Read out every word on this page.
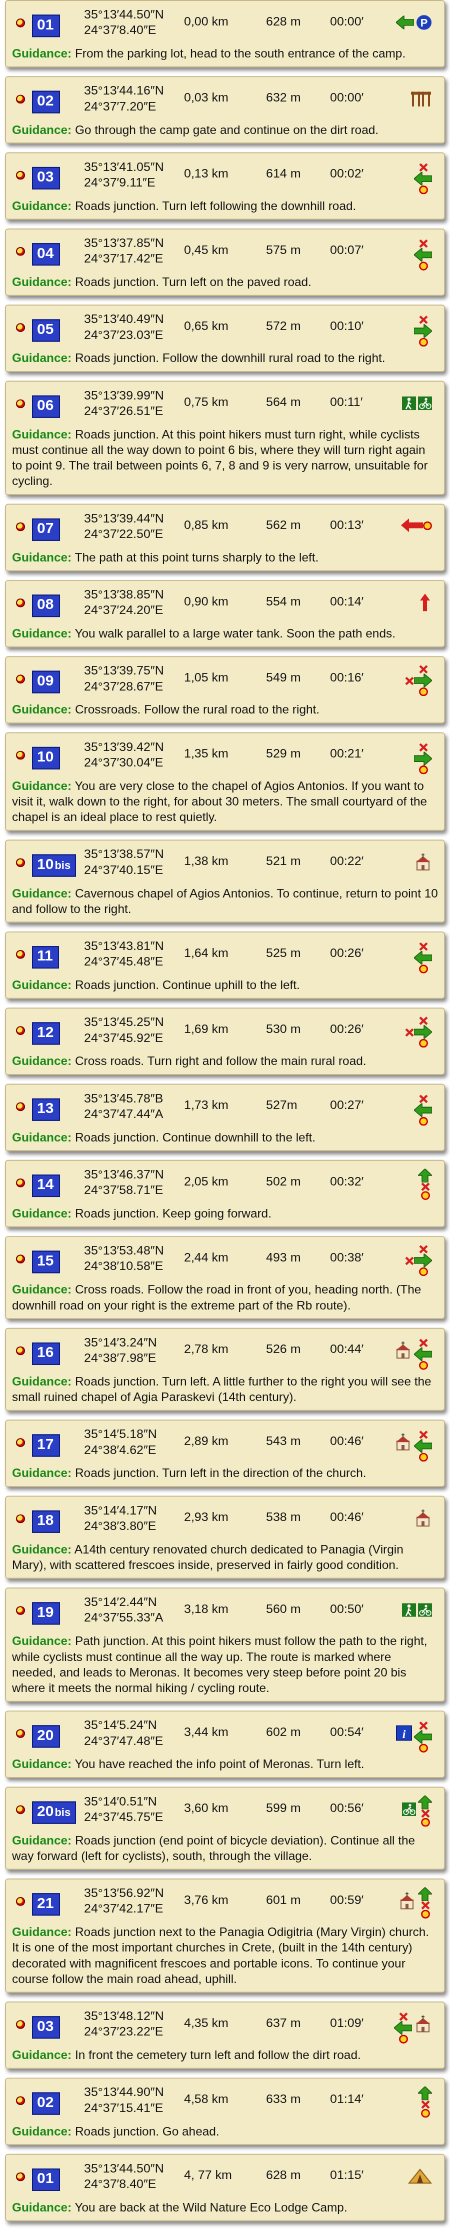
01
35°13′44.50″N
24°37′8.40″E
0,00 km	628 m 00:00′	P
Guidance: From the parking lot, head to the south entrance of the camp.
02
35°13′44.16″N
24°37′7.20″E
0,03 km	632 m 00:00′
Guidance: Go through the camp gate and continue on the dirt road.
03
35°13′41.05″N
24°37′9.11″E
0,13 km	614 m 00:02′
Guidance: Roads junction. Turn left following the downhill road.
04
35°13′37.85″N
24°37′17.42″E
0,45 km	575 m 00:07′
Guidance: Roads junction. Turn left on the paved road.
05
35°13′40.49″N
24°37′23.03″E
0,65 km	572 m 00:10′
Guidance: Roads junction. Follow the downhill rural road to the right.
06
35°13′39.99″N
24°37′26.51″E
0,75 km	564 m 00:11′
Guidance: Roads junction. At this point hikers must turn right, while cyclists must continue all the way down to point 6 bis, where they will turn right again to point 9. The trail between points 6, 7, 8 and 9 is very narrow, unsuitable for cycling.
07
35°13′39.44″N
24°37′22.50″E
0,85 km	562 m 00:13′
Guidance: The path at this point turns sharply to the left.
08
35°13′38.85″N
24°37′24.20″E
0,90 km	554 m 00:14′
Guidance: You walk parallel to a large water tank. Soon the path ends.
09
35°13′39.75″N
24°37′28.67″E
1,05 km	549 m 00:16′
Guidance: Crossroads. Follow the rural road to the right.
10
35°13′39.42″N
24°37′30.04″E
1,35 km	529 m 00:21′
Guidance: You are very close to the chapel of Agios Antonios. If you want to visit it, walk down to the right, for about 30 meters. The small courtyard of the chapel is an ideal place to rest quietly.
10bis
35°13′38.57″N
24°37′40.15″E
1,38 km	521 m 00:22′
Guidance: Cavernous chapel of Agios Antonios. To continue, return to point 10 and follow to the right.
11
35°13′43.81″N
24°37′45.48″E
1,64 km	525 m 00:26′
Guidance: Roads junction. Continue uphill to the left.
12
35°13′45.25″N
24°37′45.92″E
1,69 km	530 m 00:26′
Guidance: Cross roads. Turn right and follow the main rural road.
13
35°13′45.78″B
24°37′47.44″A
1,73 km	527m	00:27′
Guidance: Roads junction. Continue downhill to the left.
14
35°13′46.37″N
24°37′58.71″E
2,05 km	502 m 00:32′
Guidance: Roads junction. Keep going forward.
15
35°13′53.48″N
24°38′10.58″E
2,44 km	493 m 00:38′
Guidance: Cross roads. Follow the road in front of you, heading north. (The downhill road on your right is the extreme part of the Rb route).
16
35°14′3.24″N
24°38′7.98″E
2,78 km	526 m 00:44′
Guidance: Roads junction. Turn left. A little further to the right you will see the small ruined chapel of Agia Paraskevi (14th century).
17
35°14′5.18″N
24°38′4.62″E
2,89 km	543 m 00:46′
Guidance: Roads junction. Turn left in the direction of the church.
18
35°14′4.17″N
24°38′3.80″E
2,93 km	538 m 00:46′
Guidance: A14th century renovated church dedicated to Panagia (Virgin Mary), with scattered frescoes inside, preserved in fairly good condition.
19
35°14′2.44″N
24°37′55.33″A
3,18 km	560 m 00:50′
Guidance: Path junction. At this point hikers must follow the path to the right, while cyclists must continue all the way up. The route is marked where needed, and leads to Meronas. It becomes very steep before point 20 bis where it meets the normal hiking / cycling route.
20
35°14′5.24″N
24°37′47.48″E
3,44 km	602 m 00:54′	i
Guidance: You have reached the info point of Meronas. Turn left.
20bis
35°14′0.51″N
24°37′45.75″E
3,60 km	599 m 00:56′
Guidance: Roads junction (end point of bicycle deviation). Continue all the way forward (left for cyclists), south, through the village.
21
35°13′56.92″N
24°37′42.17″E
3,76 km	601 m 00:59′
Guidance: Roads junction next to the Panagia Odigitria (Mary Virgin) church. It is one of the most important churches in Crete, (built in the 14th century) decorated with magnificent frescoes and portable icons. To continue your course follow the main road ahead, uphill.
03
35°13′48.12″N
24°37′23.22″E
4,35 km	637 m 01:09′
Guidance: In front the cemetery turn left and follow the dirt road.
02
35°13′44.90″N
24°37′15.41″E
4,58 km	633 m 01:14′
Guidance: Roads junction. Go ahead.
01
35°13′44.50″N
24°37′8.40″E
4, 77 km	628 m 01:15′
Guidance: You are back at the Wild Nature Eco Lodge Camp.
